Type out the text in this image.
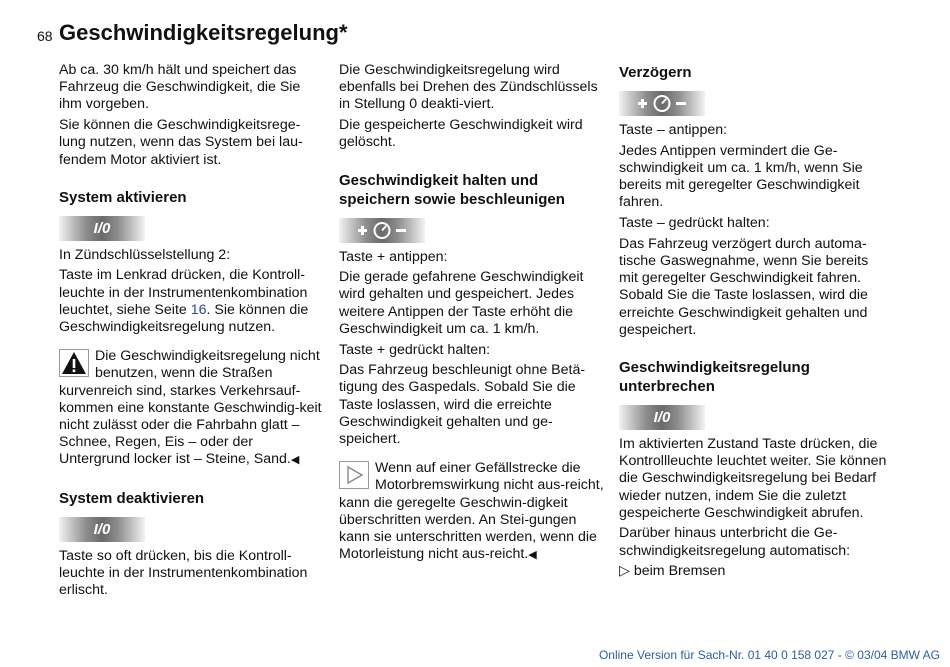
68 Geschwindigkeitsregelung*

Ab ca. 30 km/h hält und speichert das Fahrzeug die Geschwindigkeit, die Sie ihm vorgeben.

Sie können die Geschwindigkeitsrege-lung nutzen, wenn das System bei lau-fendem Motor aktiviert ist.

System aktivieren
I/0

In Zündschlüsselstellung 2:

Taste im Lenkrad drücken, die Kontroll-leuchte in der Instrumentenkombination leuchtet, siehe Seite 16. Sie können die Geschwindigkeitsregelung nutzen.

Die Geschwindigkeitsregelung nicht benutzen, wenn die Straßen kurvenreich sind, starkes Verkehrsauf-kommen eine konstante Geschwindig-keit nicht zulässt oder die Fahrbahn glatt – Schnee, Regen, Eis – oder der Untergrund locker ist – Steine, Sand.◀

System deaktivieren
I/0

Taste so oft drücken, bis die Kontroll-leuchte in der Instrumentenkombination erlischt.

Die Geschwindigkeitsregelung wird ebenfalls bei Drehen des Zündschlüssels in Stellung 0 deakti-viert.

Die gespeicherte Geschwindigkeit wird gelöscht.

Geschwindigkeit halten und speichern sowie beschleunigen

Taste + antippen:

Die gerade gefahrene Geschwindigkeit wird gehalten und gespeichert. Jedes weitere Antippen der Taste erhöht die Geschwindigkeit um ca. 1 km/h.

Taste + gedrückt halten:

Das Fahrzeug beschleunigt ohne Betä-tigung des Gaspedals. Sobald Sie die Taste loslassen, wird die erreichte Geschwindigkeit gehalten und ge-speichert.

Wenn auf einer Gefällstrecke die Motorbremswirkung nicht aus-reicht, kann die geregelte Geschwin-digkeit überschritten werden. An Stei-gungen kann sie unterschritten werden, wenn die Motorleistung nicht aus-reicht.◀

Verzögern

Taste – antippen:

Jedes Antippen vermindert die Ge-schwindigkeit um ca. 1 km/h, wenn Sie bereits mit geregelter Geschwindigkeit fahren.

Taste – gedrückt halten:

Das Fahrzeug verzögert durch automa-tische Gaswegnahme, wenn Sie bereits mit geregelter Geschwindigkeit fahren. Sobald Sie die Taste loslassen, wird die erreichte Geschwindigkeit gehalten und gespeichert.

Geschwindigkeitsregelung unterbrechen
I/0

Im aktivierten Zustand Taste drücken, die Kontrollleuchte leuchtet weiter. Sie können die Geschwindigkeitsregelung bei Bedarf wieder nutzen, indem Sie die zuletzt gespeicherte Geschwindigkeit abrufen.

Darüber hinaus unterbricht die Ge-schwindigkeitsregelung automatisch:

▷ beim Bremsen

Online Version für Sach-Nr. 01 40 0 158 027 - © 03/04 BMW AG
